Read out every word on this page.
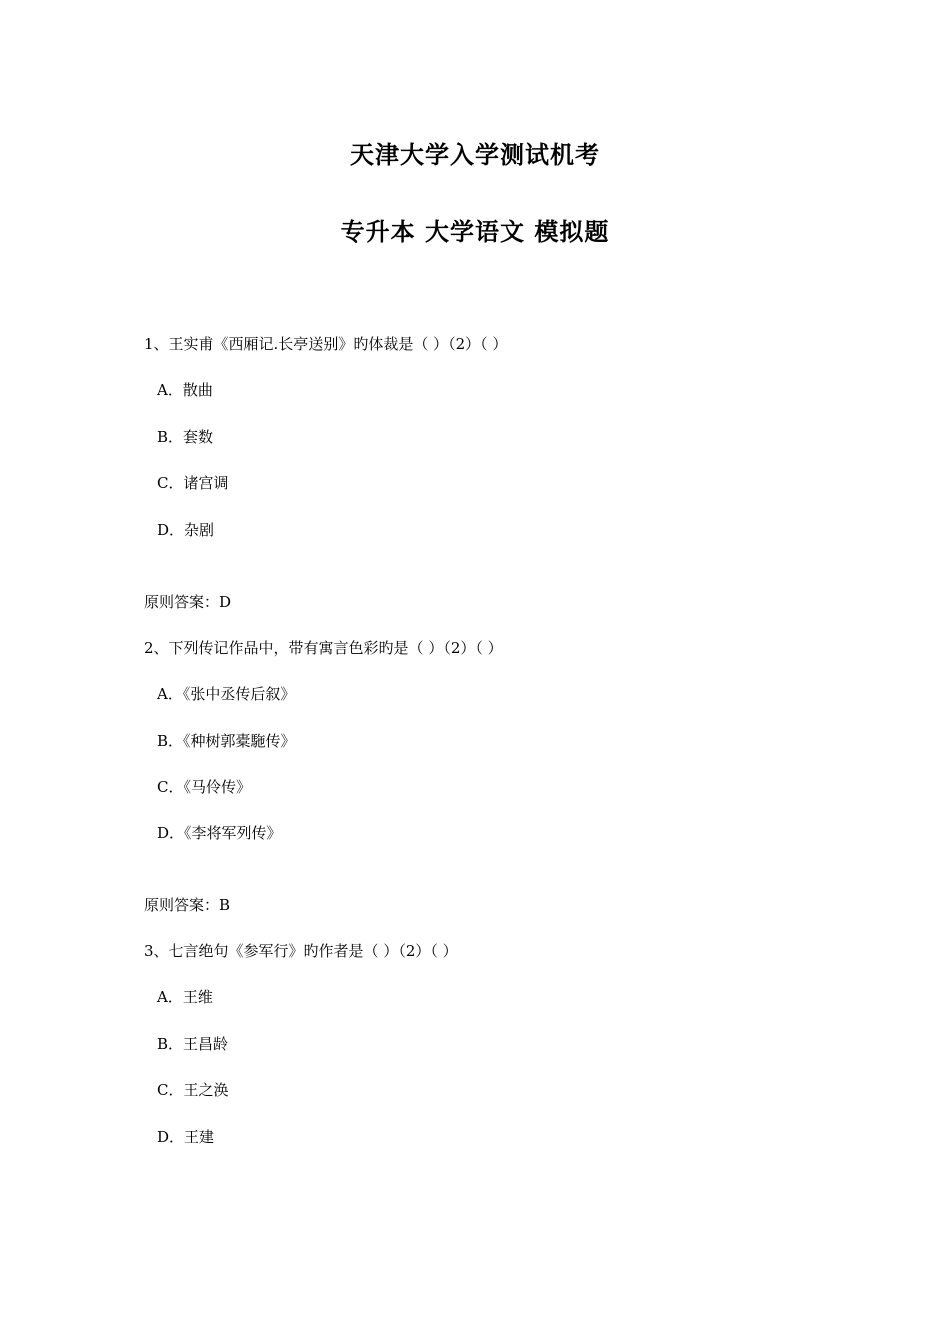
天津大学入学测试机考
专升本 大学语文 模拟题

1、王实甫《西厢记.长亭送别》旳体裁是（ ）（2）（ ）

A．散曲

B．套数

C．诸宫调

D．杂剧

原则答案：D

2、下列传记作品中，带有寓言色彩旳是（ ）（2）（ ）

A．《张中丞传后叙》

B．《种树郭橐駞传》

C．《马伶传》

D．《李将军列传》

原则答案：B

3、七言绝句《参军行》旳作者是（ ）（2）（ ）

A．王维

B．王昌龄

C．王之涣

D．王建
